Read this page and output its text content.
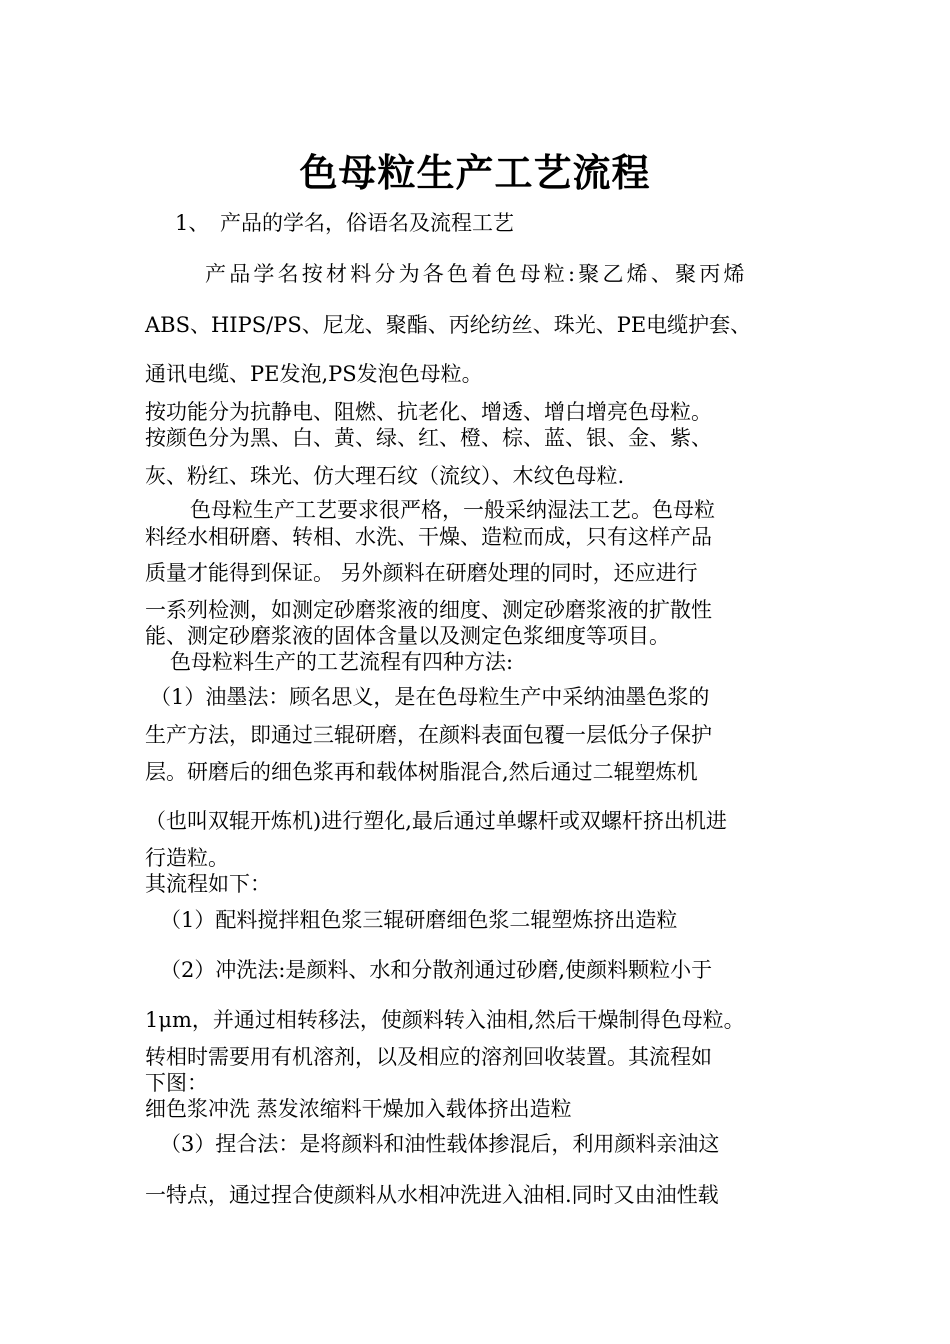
色母粒生产工艺流程
1、 产品的学名，俗语名及流程工艺
产品学名按材料分为各色着色母粒:聚乙烯、聚丙烯
ABS、HIPS/PS、尼龙、聚酯、丙纶纺丝、珠光、PE电缆护套、
通讯电缆、PE发泡,PS发泡色母粒。
按功能分为抗静电、阻燃、抗老化、增透、增白增亮色母粒。
按颜色分为黑、白、黄、绿、红、橙、棕、蓝、银、金、紫、
灰、粉红、珠光、仿大理石纹（流纹）、木纹色母粒.
色母粒生产工艺要求很严格，一般采纳湿法工艺。色母粒
料经水相研磨、转相、水洗、干燥、造粒而成，只有这样产品
质量才能得到保证。 另外颜料在研磨处理的同时，还应进行
一系列检测，如测定砂磨浆液的细度、测定砂磨浆液的扩散性
能、测定砂磨浆液的固体含量以及测定色浆细度等项目。
色母粒料生产的工艺流程有四种方法:
（1）油墨法：顾名思义，是在色母粒生产中采纳油墨色浆的
生产方法，即通过三辊研磨，在颜料表面包覆一层低分子保护
层。研磨后的细色浆再和载体树脂混合,然后通过二辊塑炼机
（也叫双辊开炼机)进行塑化,最后通过单螺杆或双螺杆挤出机进
行造粒。
其流程如下：
（1）配料搅拌粗色浆三辊研磨细色浆二辊塑炼挤出造粒
（2）冲洗法:是颜料、水和分散剂通过砂磨,使颜料颗粒小于
1μm，并通过相转移法，使颜料转入油相,然后干燥制得色母粒。
转相时需要用有机溶剂，以及相应的溶剂回收装置。其流程如
下图：
细色浆冲洗 蒸发浓缩料干燥加入载体挤出造粒
（3）捏合法：是将颜料和油性载体掺混后，利用颜料亲油这
一特点，通过捏合使颜料从水相冲洗进入油相.同时又由油性载
